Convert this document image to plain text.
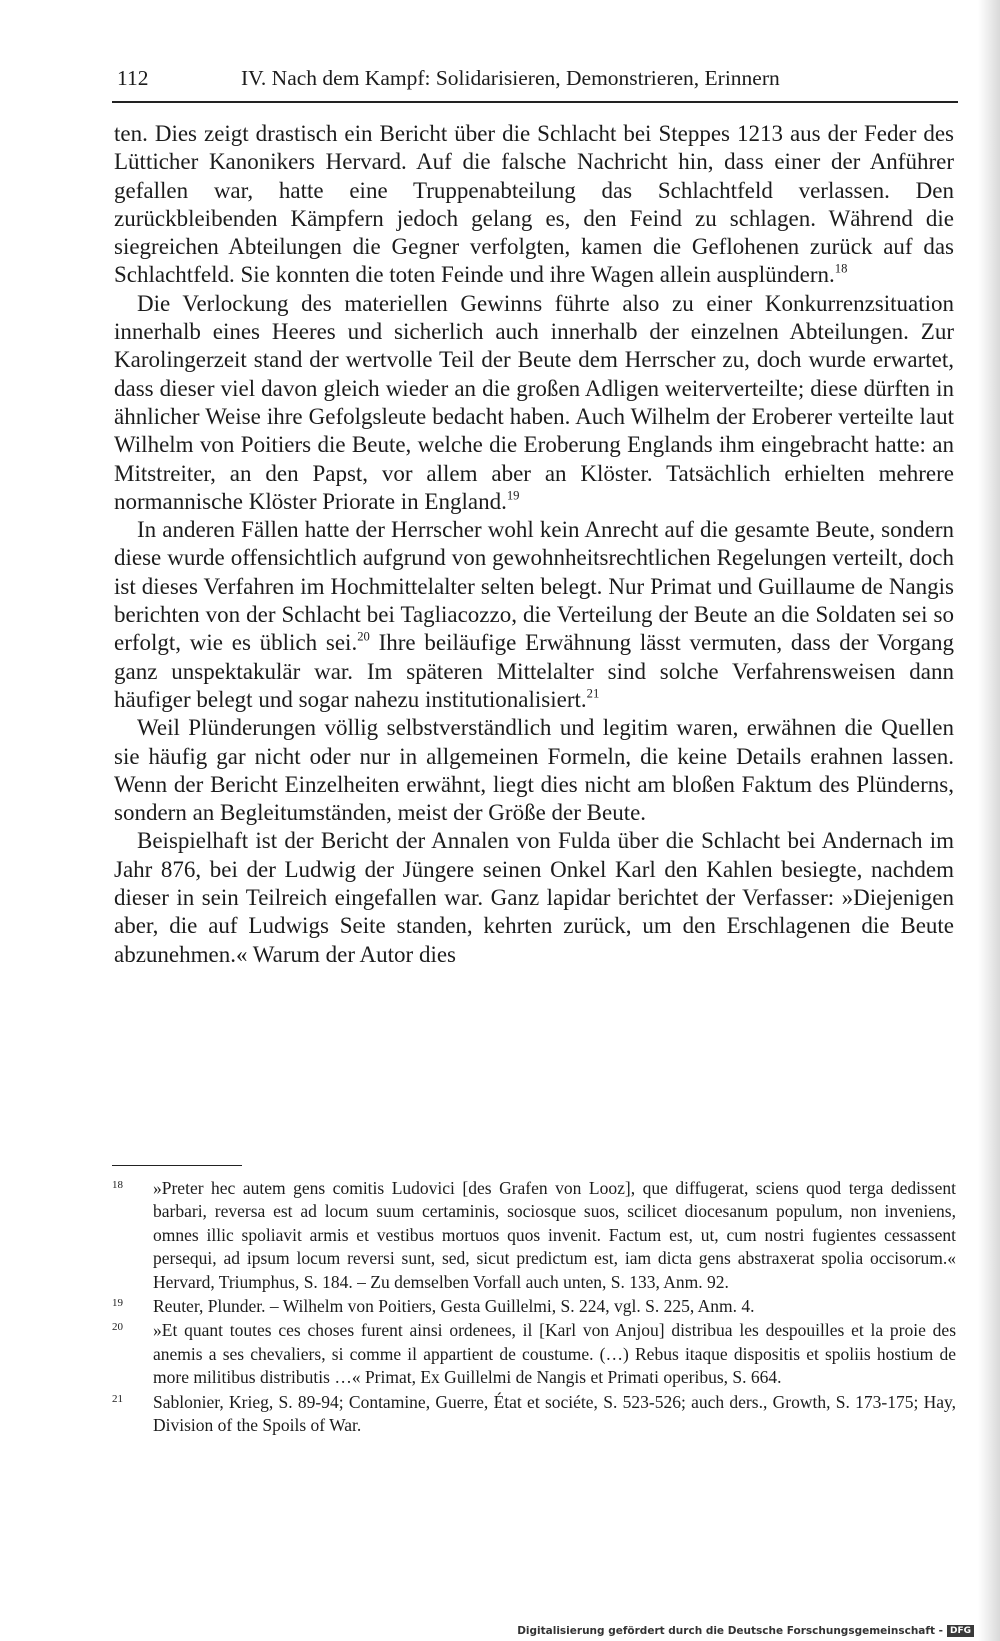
112	IV. Nach dem Kampf: Solidarisieren, Demonstrieren, Erinnern

ten. Dies zeigt drastisch ein Bericht über die Schlacht bei Steppes 1213 aus der Feder des Lütticher Kanonikers Hervard. Auf die falsche Nachricht hin, dass einer der Anführer gefallen war, hatte eine Truppenabteilung das Schlachtfeld verlassen. Den zurückbleibenden Kämpfern jedoch gelang es, den Feind zu schlagen. Während die siegreichen Abteilungen die Gegner verfolgten, kamen die Geflohenen zurück auf das Schlachtfeld. Sie konnten die toten Feinde und ihre Wagen allein ausplündern.$^{18}$

Die Verlockung des materiellen Gewinns führte also zu einer Konkurrenzsituation innerhalb eines Heeres und sicherlich auch innerhalb der einzelnen Abteilungen. Zur Karolingerzeit stand der wertvolle Teil der Beute dem Herrscher zu, doch wurde erwartet, dass dieser viel davon gleich wieder an die großen Adligen weiterverteilte; diese dürften in ähnlicher Weise ihre Gefolgsleute bedacht haben. Auch Wilhelm der Eroberer verteilte laut Wilhelm von Poitiers die Beute, welche die Eroberung Englands ihm eingebracht hatte: an Mitstreiter, an den Papst, vor allem aber an Klöster. Tatsächlich erhielten mehrere normannische Klöster Priorate in England.$^{19}$

In anderen Fällen hatte der Herrscher wohl kein Anrecht auf die gesamte Beute, sondern diese wurde offensichtlich aufgrund von gewohnheitsrechtlichen Regelungen verteilt, doch ist dieses Verfahren im Hochmittelalter selten belegt. Nur Primat und Guillaume de Nangis berichten von der Schlacht bei Tagliacozzo, die Verteilung der Beute an die Soldaten sei so erfolgt, wie es üblich sei.$^{20}$ Ihre beiläufige Erwähnung lässt vermuten, dass der Vorgang ganz unspektakulär war. Im späteren Mittelalter sind solche Verfahrensweisen dann häufiger belegt und sogar nahezu institutionalisiert.$^{21}$

Weil Plünderungen völlig selbstverständlich und legitim waren, erwähnen die Quellen sie häufig gar nicht oder nur in allgemeinen Formeln, die keine Details erahnen lassen. Wenn der Bericht Einzelheiten erwähnt, liegt dies nicht am bloßen Faktum des Plünderns, sondern an Begleitumständen, meist der Größe der Beute.

Beispielhaft ist der Bericht der Annalen von Fulda über die Schlacht bei Andernach im Jahr 876, bei der Ludwig der Jüngere seinen Onkel Karl den Kahlen besiegte, nachdem dieser in sein Teilreich eingefallen war. Ganz lapidar berichtet der Verfasser: »Diejenigen aber, die auf Ludwigs Seite standen, kehrten zurück, um den Erschlagenen die Beute abzunehmen.« Warum der Autor dies

18 »Preter hec autem gens comitis Ludovici [des Grafen von Looz], que diffugerat, sciens quod terga dedissent barbari, reversa est ad locum suum certaminis, sociosque suos, scilicet diocesanum populum, non inveniens, omnes illic spoliavit armis et vestibus mortuos quos invenit. Factum est, ut, cum nostri fugientes cessassent persequi, ad ipsum locum reversi sunt, sed, sicut predictum est, iam dicta gens abstraxerat spolia occisorum.« Hervard, Triumphus, S. 184. – Zu demselben Vorfall auch unten, S. 133, Anm. 92.
19 Reuter, Plunder. – Wilhelm von Poitiers, Gesta Guillelmi, S. 224, vgl. S. 225, Anm. 4.
20 »Et quant toutes ces choses furent ainsi ordenees, il [Karl von Anjou] distribua les despouilles et la proie des anemis a ses chevaliers, si comme il appartient de coustume. (…) Rebus itaque dispositis et spoliis hostium de more militibus distributis …« Primat, Ex Guillelmi de Nangis et Primati operibus, S. 664.
21 Sablonier, Krieg, S. 89-94; Contamine, Guerre, État et sociéte, S. 523-526; auch ders., Growth, S. 173-175; Hay, Division of the Spoils of War.
Digitalisierung gefördert durch die Deutsche Forschungsgemeinschaft - DFG
